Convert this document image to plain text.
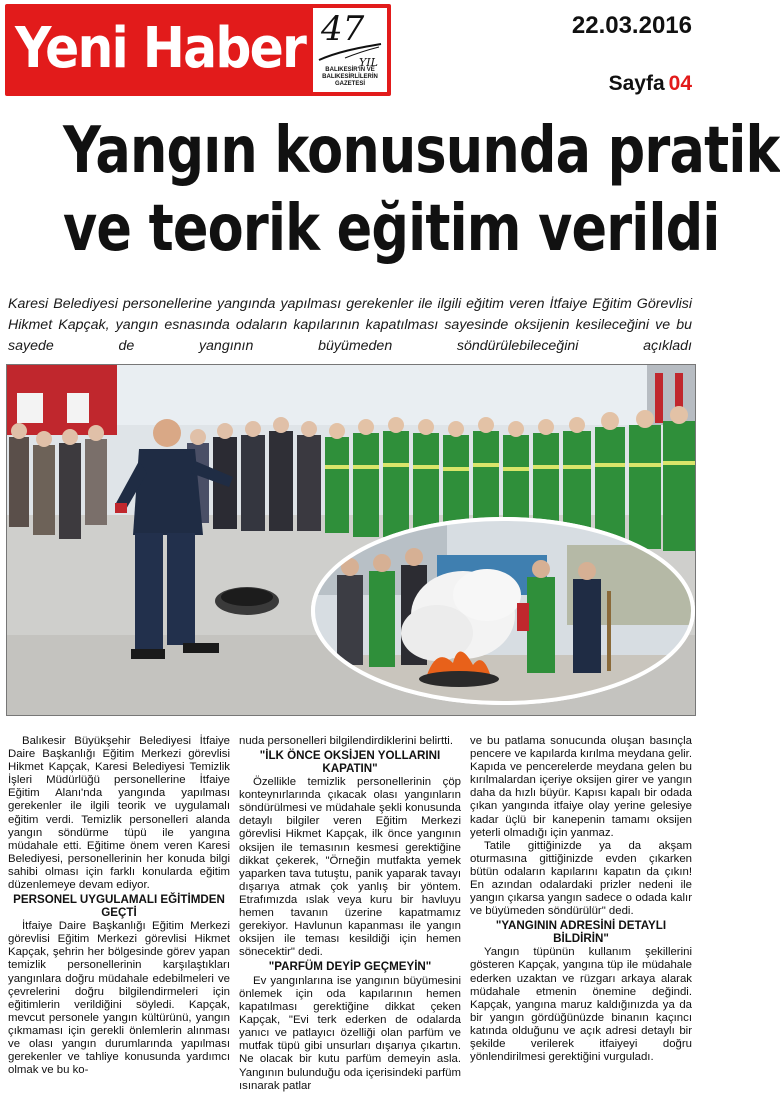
Yeni Haber 47
YIL
BALIKESİR'İN VE BALIKESİRLİLERİN GAZETESİ
22.03.2016
Sayfa 04
Yangın konusunda pratik
ve teorik eğitim verildi
Karesi Belediyesi personellerine yangında yapılması gerekenler ile ilgili eğitim veren İtfaiye Eğitim Görevlisi Hikmet Kapçak, yangın esnasında odaların kapılarının kapatılması sayesinde oksijenin kesileceğini ve bu sayede de yangının büyümeden söndürülebileceğini açıkladı

Balıkesir Büyükşehir Belediyesi İtfaiye Daire Başkanlığı Eğitim Merkezi görevlisi Hikmet Kapçak, Karesi Belediyesi Temizlik İşleri Müdürlüğü personellerine İtfaiye Eğitim Alanı'nda yangında yapılması gerekenler ile ilgili teorik ve uygulamalı eğitim verdi. Temizlik personelleri alanda yangın söndürme tüpü ile yangına müdahale etti. Eğitime önem veren Karesi Belediyesi, personellerinin her konuda bilgi sahibi olması için farklı konularda eğitim düzenlemeye devam ediyor.

PERSONEL UYGULAMALI EĞİTİMDEN GEÇTİ

İtfaiye Daire Başkanlığı Eğitim Merkezi görevlisi Eğitim Merkezi görevlisi Hikmet Kapçak, şehrin her bölgesinde görev yapan temizlik personellerinin karşılaştıkları yangınlara doğru müdahale edebilmeleri ve çevrelerini doğru bilgilendirmeleri için eğitimlerin verildiğini söyledi. Kapçak, mevcut personele yangın kültürünü, yangın çıkmaması için gerekli önlemlerin alınması ve olası yangın durumlarında yapılması gerekenler ve tahliye konusunda yardımcı olmak ve bu ko-

nuda personelleri bilgilendirdiklerini belirtti.

"İLK ÖNCE OKSİJEN YOLLARINI KAPATIN"

Özellikle temizlik personellerinin çöp konteynırlarında çıkacak olası yangınların söndürülmesi ve müdahale şekli konusunda detaylı bilgiler veren Eğitim Merkezi görevlisi Hikmet Kapçak, ilk önce yangının oksijen ile temasının kesmesi gerektiğine dikkat çekerek, "Örneğin mutfakta yemek yaparken tava tutuştu, panik yaparak tavayı dışarıya atmak çok yanlış bir yöntem. Etrafımızda ıslak veya kuru bir havluyu hemen tavanın üzerine kapatmamız gerekiyor. Havlunun kapanması ile yangın oksijen ile teması kesildiği için hemen sönecektir" dedi.

"PARFÜM DEYİP GEÇMEYİN"

Ev yangınlarına ise yangının büyümesini önlemek için oda kapılarının hemen kapatılması gerektiğine dikkat çeken Kapçak, "Evi terk ederken de odalarda yanıcı ve patlayıcı özelliği olan parfüm ve mutfak tüpü gibi unsurları dışarıya çıkartın. Ne olacak bir kutu parfüm demeyin asla. Yangının bulunduğu oda içerisindeki parfüm ısınarak patlar

ve bu patlama sonucunda oluşan basınçla pencere ve kapılarda kırılma meydana gelir. Kapıda ve pencerelerde meydana gelen bu kırılmalardan içeriye oksijen girer ve yangın daha da hızlı büyür. Kapısı kapalı bir odada çıkan yangında itfaiye olay yerine gelesiye kadar üçlü bir kanepenin tamamı oksijen yeterli olmadığı için yanmaz.

Tatile gittiğinizde ya da akşam oturmasına gittiğinizde evden çıkarken bütün odaların kapılarını kapatın da çıkın! En azından odalardaki prizler nedeni ile yangın çıkarsa yangın sadece o odada kalır ve büyümeden söndürülür" dedi.

"YANGININ ADRESİNİ DETAYLI BİLDİRİN"

Yangın tüpünün kullanım şekillerini gösteren Kapçak, yangına tüp ile müdahale ederken uzaktan ve rüzgarı arkaya alarak müdahale etmenin önemine değindi. Kapçak, yangına maruz kaldığınızda ya da bir yangın gördüğünüzde binanın kaçıncı katında olduğunu ve açık adresi detaylı bir şekilde verilerek itfaiyeyi doğru yönlendirilmesi gerektiğini vurguladı.
